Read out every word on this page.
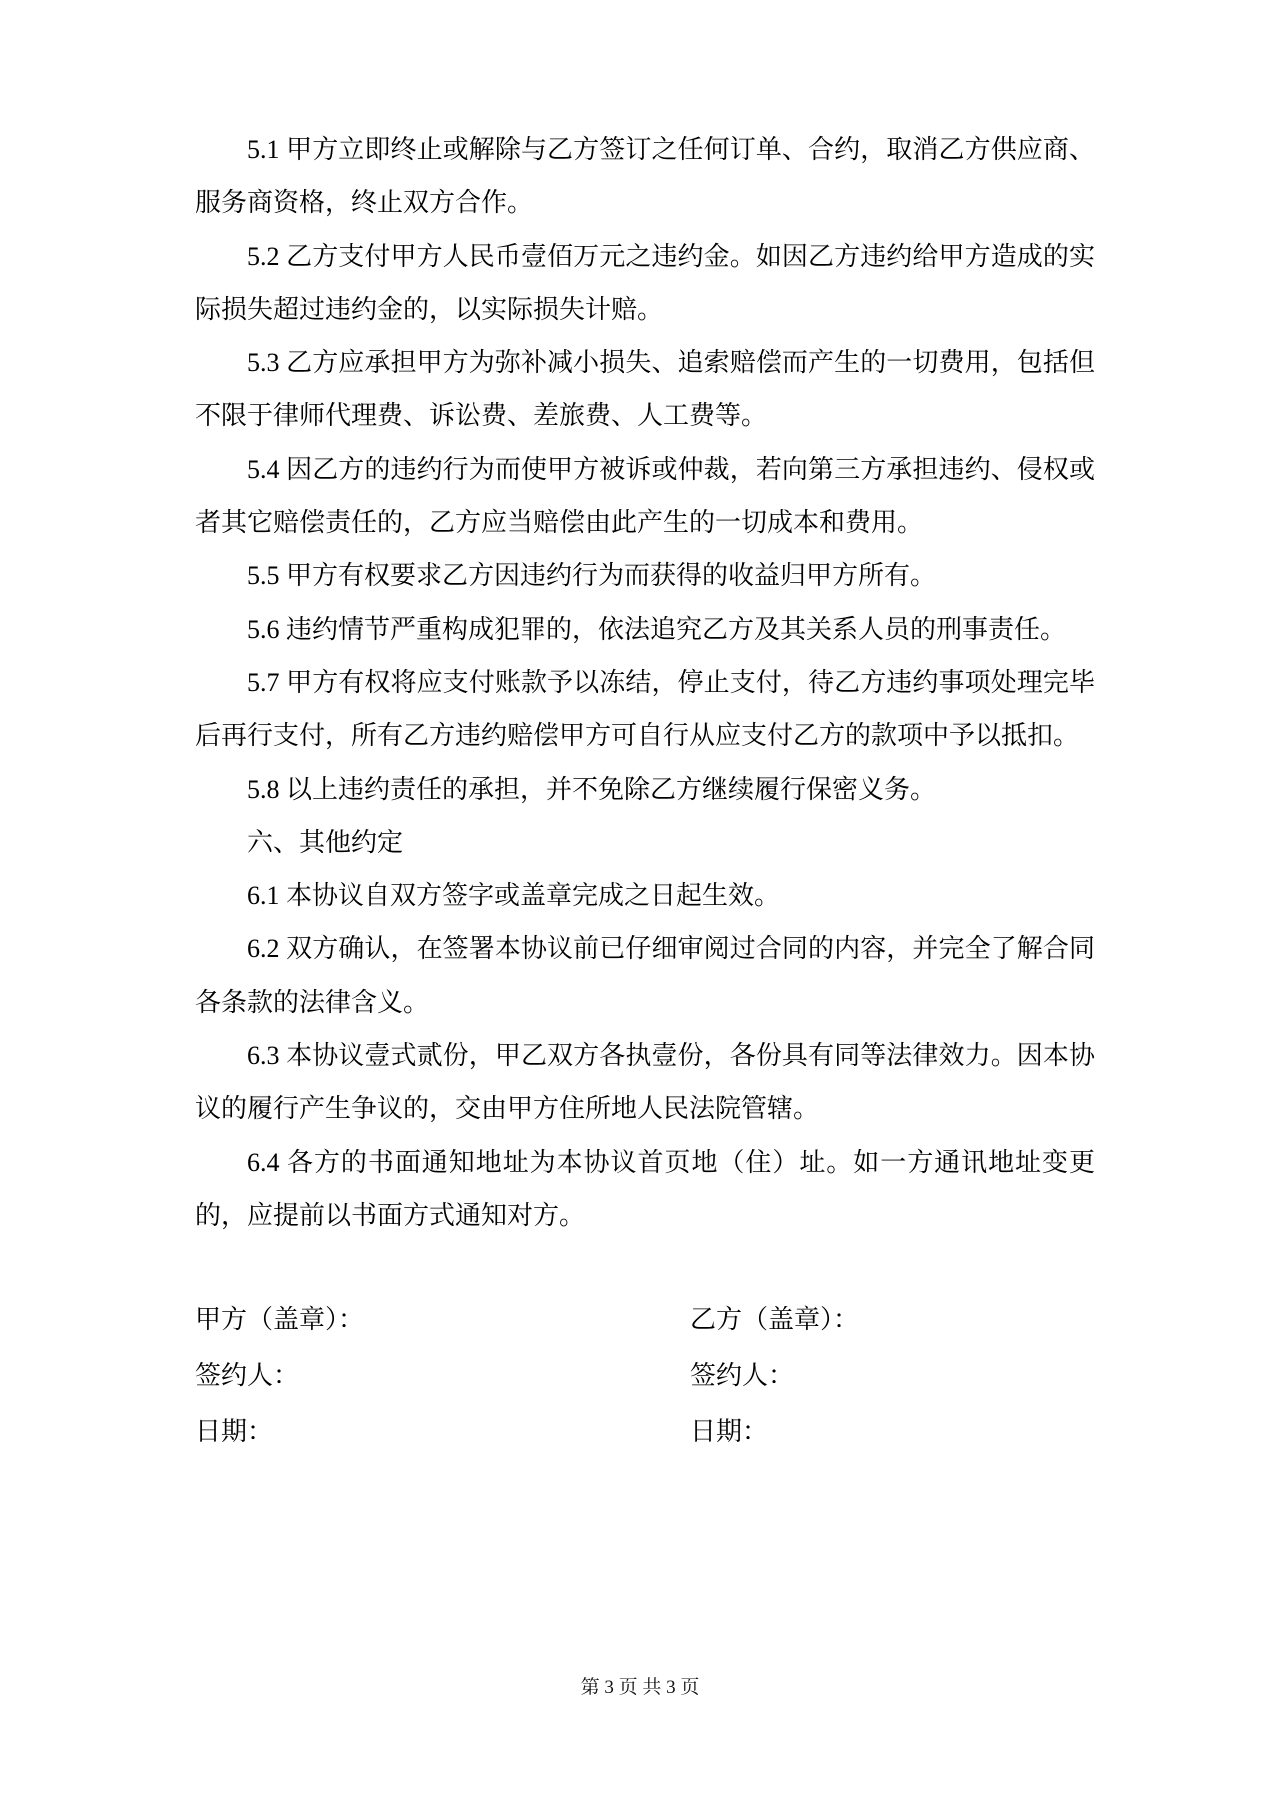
5.1 甲方立即终止或解除与乙方签订之任何订单、合约，取消乙方供应商、服务商资格，终止双方合作。

5.2 乙方支付甲方人民币壹佰万元之违约金。如因乙方违约给甲方造成的实际损失超过违约金的，以实际损失计赔。

5.3 乙方应承担甲方为弥补减小损失、追索赔偿而产生的一切费用，包括但不限于律师代理费、诉讼费、差旅费、人工费等。

5.4 因乙方的违约行为而使甲方被诉或仲裁，若向第三方承担违约、侵权或者其它赔偿责任的，乙方应当赔偿由此产生的一切成本和费用。

5.5 甲方有权要求乙方因违约行为而获得的收益归甲方所有。

5.6 违约情节严重构成犯罪的，依法追究乙方及其关系人员的刑事责任。

5.7 甲方有权将应支付账款予以冻结，停止支付，待乙方违约事项处理完毕后再行支付，所有乙方违约赔偿甲方可自行从应支付乙方的款项中予以抵扣。

5.8 以上违约责任的承担，并不免除乙方继续履行保密义务。

六、其他约定

6.1 本协议自双方签字或盖章完成之日起生效。

6.2 双方确认，在签署本协议前已仔细审阅过合同的内容，并完全了解合同各条款的法律含义。

6.3 本协议壹式贰份，甲乙双方各执壹份，各份具有同等法律效力。因本协议的履行产生争议的，交由甲方住所地人民法院管辖。

6.4 各方的书面通知地址为本协议首页地（住）址。如一方通讯地址变更的，应提前以书面方式通知对方。

甲方（盖章）：	乙方（盖章）：
签约人：	签约人：
日期：	日期：
第 3 页 共 3 页
